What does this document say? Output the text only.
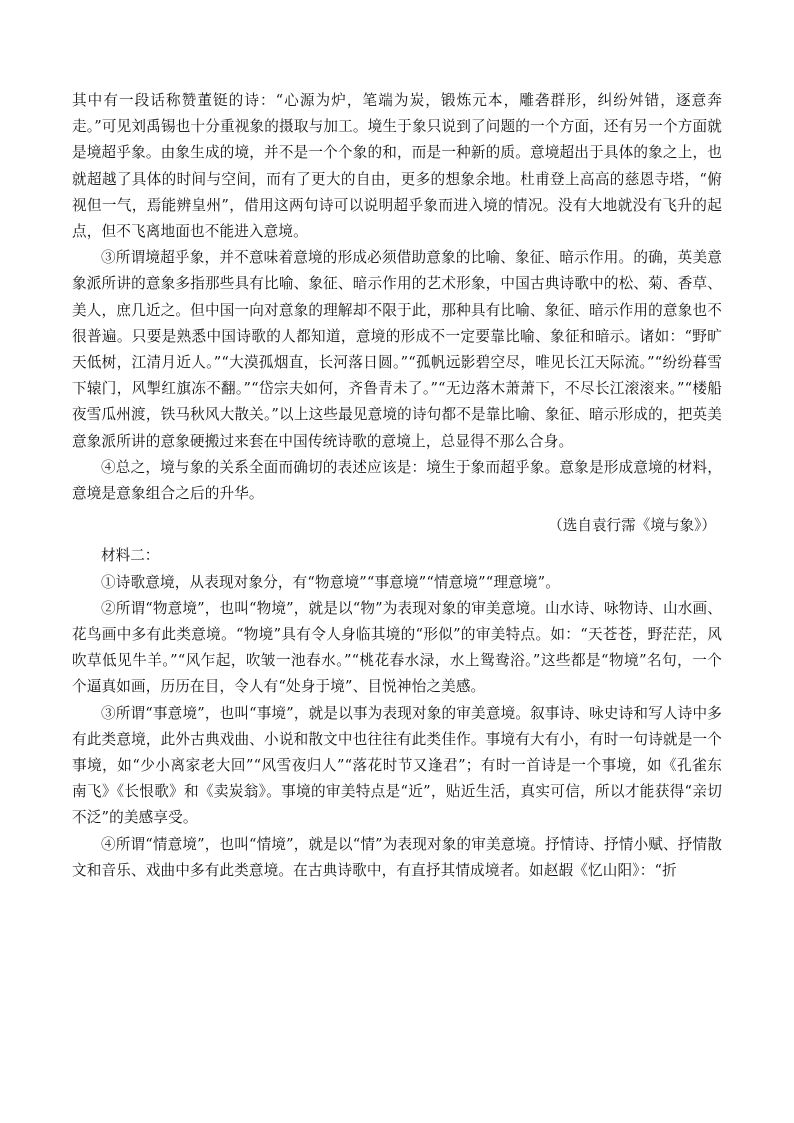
其中有一段话称赞董铤的诗：“心源为炉，笔端为炭，锻炼元本，雕砻群形，纠纷舛错，逐意奔走。”可见刘禹锡也十分重视象的摄取与加工。境生于象只说到了问题的一个方面，还有另一个方面就是境超乎象。由象生成的境，并不是一个个象的和，而是一种新的质。意境超出于具体的象之上，也就超越了具体的时间与空间，而有了更大的自由，更多的想象余地。杜甫登上高高的慈恩寺塔，“俯视但一气，焉能辨皇州”，借用这两句诗可以说明超乎象而进入境的情况。没有大地就没有飞升的起点，但不飞离地面也不能进入意境。

③所谓境超乎象，并不意味着意境的形成必须借助意象的比喻、象征、暗示作用。的确，英美意象派所讲的意象多指那些具有比喻、象征、暗示作用的艺术形象，中国古典诗歌中的松、菊、香草、美人，庶几近之。但中国一向对意象的理解却不限于此，那种具有比喻、象征、暗示作用的意象也不很普遍。只要是熟悉中国诗歌的人都知道，意境的形成不一定要靠比喻、象征和暗示。诸如：“野旷天低树，江清月近人。”“大漠孤烟直，长河落日圆。”“孤帆远影碧空尽，唯见长江天际流。”“纷纷暮雪下辕门，风掣红旗冻不翻。”“岱宗夫如何，齐鲁青未了。”“无边落木萧萧下，不尽长江滚滚来。”“楼船夜雪瓜州渡，铁马秋风大散关。”以上这些最见意境的诗句都不是靠比喻、象征、暗示形成的，把英美意象派所讲的意象硬搬过来套在中国传统诗歌的意境上，总显得不那么合身。

④总之，境与象的关系全面而确切的表述应该是：境生于象而超乎象。意象是形成意境的材料，意境是意象组合之后的升华。

（选自袁行霈《境与象》）

材料二：

①诗歌意境，从表现对象分，有“物意境”“事意境”“情意境”“理意境”。

②所谓“物意境”，也叫“物境”，就是以“物”为表现对象的审美意境。山水诗、咏物诗、山水画、花鸟画中多有此类意境。“物境”具有令人身临其境的“形似”的审美特点。如：“天苍苍，野茫茫，风吹草低见牛羊。”“风乍起，吹皱一池春水。”“桃花春水渌，水上鸳鸯浴。”这些都是“物境”名句，一个个逼真如画，历历在目，令人有“处身于境”、目悦神怡之美感。

③所谓“事意境”，也叫“事境”，就是以事为表现对象的审美意境。叙事诗、咏史诗和写人诗中多有此类意境，此外古典戏曲、小说和散文中也往往有此类佳作。事境有大有小，有时一句诗就是一个事境，如“少小离家老大回”“风雪夜归人”“落花时节又逢君”；有时一首诗是一个事境，如《孔雀东南飞》《长恨歌》和《卖炭翁》。事境的审美特点是“近”，贴近生活，真实可信，所以才能获得“亲切不泛”的美感享受。

④所谓“情意境”，也叫“情境”，就是以“情”为表现对象的审美意境。抒情诗、抒情小赋、抒情散文和音乐、戏曲中多有此类意境。在古典诗歌中，有直抒其情成境者。如赵嘏《忆山阳》：“折
